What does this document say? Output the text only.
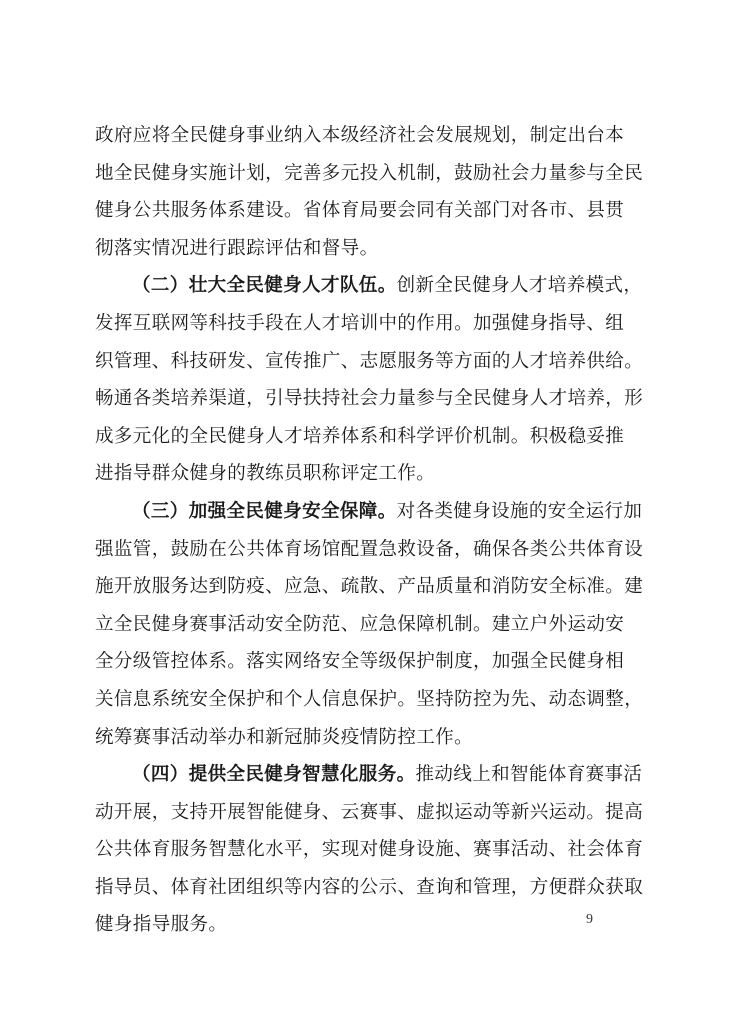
政府应将全民健身事业纳入本级经济社会发展规划，制定出台本
地全民健身实施计划，完善多元投入机制，鼓励社会力量参与全民
健身公共服务体系建设。省体育局要会同有关部门对各市、县贯
彻落实情况进行跟踪评估和督导。
（二）壮大全民健身人才队伍。创新全民健身人才培养模式，
发挥互联网等科技手段在人才培训中的作用。加强健身指导、组
织管理、科技研发、宣传推广、志愿服务等方面的人才培养供给。
畅通各类培养渠道，引导扶持社会力量参与全民健身人才培养，形
成多元化的全民健身人才培养体系和科学评价机制。积极稳妥推
进指导群众健身的教练员职称评定工作。
（三）加强全民健身安全保障。对各类健身设施的安全运行加
强监管，鼓励在公共体育场馆配置急救设备，确保各类公共体育设
施开放服务达到防疫、应急、疏散、产品质量和消防安全标准。建
立全民健身赛事活动安全防范、应急保障机制。建立户外运动安
全分级管控体系。落实网络安全等级保护制度，加强全民健身相
关信息系统安全保护和个人信息保护。坚持防控为先、动态调整，
统筹赛事活动举办和新冠肺炎疫情防控工作。
（四）提供全民健身智慧化服务。推动线上和智能体育赛事活
动开展，支持开展智能健身、云赛事、虚拟运动等新兴运动。提高
公共体育服务智慧化水平，实现对健身设施、赛事活动、社会体育
指导员、体育社团组织等内容的公示、查询和管理，方便群众获取
健身指导服务。	9
